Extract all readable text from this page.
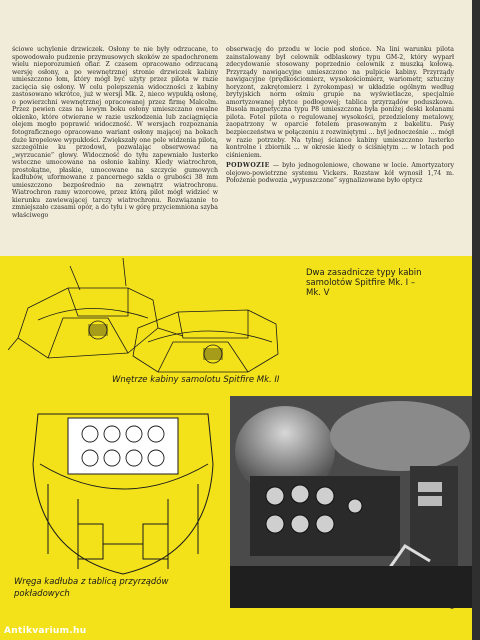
ściowe uchylenie drzwiczek. Osłony te nie były odrzucane, to spowodowało pudzenie przymusowych skoków ze spadochronem wielu nieporozumień ofiar. Z czasem opracowano odrzucaną wersję osłony, a po wewnętrznej stronie drzwiczek kabiny umieszczono łom, który mógł być użyty przez pilota w razie zacięcia się osłony. W celu polepszenia widoczności z kabiny zastosowano wkrótce, już w wersji Mk. 2, nieco wypukłą osłonę, o powierzchni wewnętrznej opracowanej przez firmę Malcolm. Przez pewien czas na lewym boku osłony umieszczano owalne okienko, które otwierane w razie uszkodzenia lub zaciągnięcia olejem mogło poprawić widoczność. W wersjach rozpoznania fotograficznego opracowano wariant osłony mającej na bokach duże kropelowe wypukłości. Zwiększały one pole widzenia pilota, szczególnie ku przodowi, pozwalając obserwować na „wyrzucanie” głowy. Widoczność do tyłu zapewniało lusterko wsteczne umocowane na osłonie kabiny. Kiedy wiatrochron, prostokątne, płaskie, umocowane na szczycie gumowych kadłubów, uformowane z pancernego szkła o grubości 38 mm umieszczono bezpośrednio na zewnątrz wiatrochronu. Wiatrochron ramy wzorcowe, przez którą pilot mógł widzieć w kierunku zawiewającej tarczy wiatrochronu. Rozwiązanie to zmniejszało czasami opór, a do tyłu i w górę przyciemniona szyba właściwego

obserwację do przodu w locie pod słońce. Na lini warunku pilota zainstalowany był celownik odblaskowy typu GM-2, który wyparł zdecydowanie stosowany poprzednio celownik z muszką kołową. Przyrządy nawigacyjne umieszczono na pulpicie kabiny. Przyrządy nawigacyjne (prędkościomierz, wysokościomierz, wariometr, sztuczny horyzont, zakrętomierz i żyrokompas) w układzie ogólnym według brytyjskich norm ośmiu grupie na wyświetlacze, specjalnie amortyzowanej płytce podłogowej; tablica przyrządów poduszkowa. Busola magnetyczna typu P8 umieszczona była poniżej deski kolanami pilota. Fotel pilota o regulowanej wysokości, przedzielony metalowy, zaopatrzony w oparcie fotelem prasowanym z bakelitu. Pasy bezpieczeństwa w połączeniu z rozwiniętymi ... był jednocześnie ... mógł w razie potrzeby. Na tylnej ściance kabiny umieszczono lusterko kontrolne i zbiornik ... w okresie kiedy o ściśniętym ... w lotach pod ciśnieniem.

PODWOZIE — było jednogoleniowe, chowane w locie. Amortyzatory olejowo-powietrzne systemu Vickers. Rozstaw kół wynosił 1,74 m. Położenie podwozia „wypuszczone” sygnalizowane było optycz

Dwa zasadnicze typy kabin samolotów Spitfire Mk. I – Mk. V
Wnętrze kabiny samolotu Spitfire Mk. II
Wręga kadłuba z tablicą przyrządów pokładowych
5
Antikvarium.hu
